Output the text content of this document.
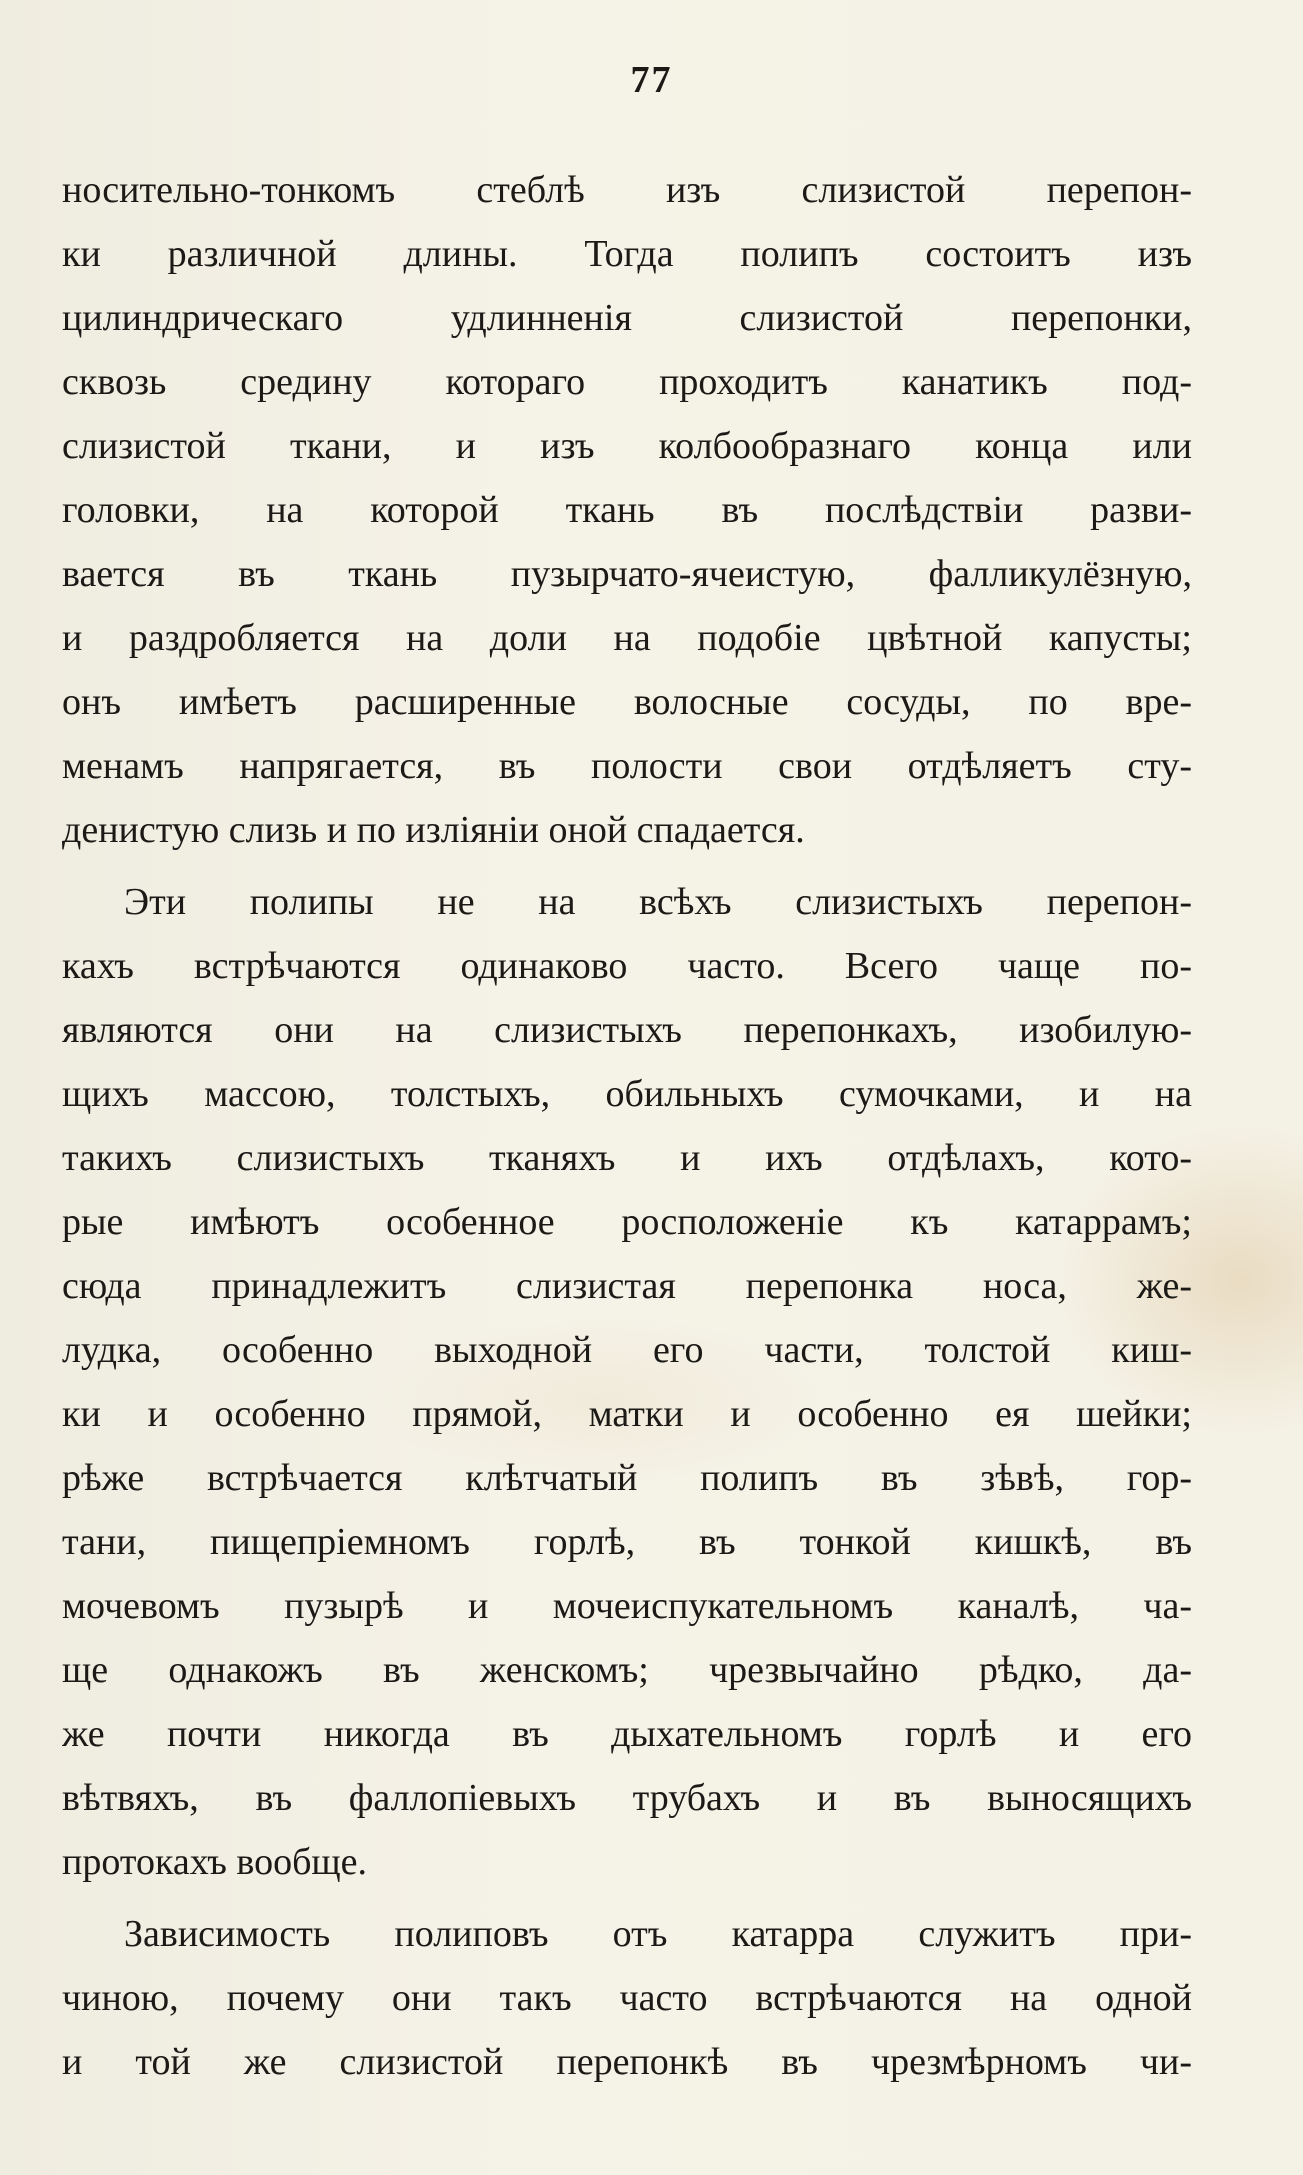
77
носительно-тонкомъ стеблѣ изъ слизистой перепон-
ки различной длины. Тогда полипъ состоитъ изъ
цилиндрическаго удлинненія слизистой перепонки,
сквозь средину котораго проходитъ канатикъ под-
слизистой ткани, и изъ колбообразнаго конца или
головки, на которой ткань въ послѣдствіи разви-
вается въ ткань пузырчато-ячеистую, фалликулёзную,
и раздробляется на доли на подобіе цвѣтной капусты;
онъ имѣетъ расширенные волосные сосуды, по вре-
менамъ напрягается, въ полости свои отдѣляетъ сту-
денистую слизь и по изліяніи оной спадается.
Эти полипы не на всѣхъ слизистыхъ перепон-
кахъ встрѣчаются одинаково часто. Всего чаще по-
являются они на слизистыхъ перепонкахъ, изобилую-
щихъ массою, толстыхъ, обильныхъ сумочками, и на
такихъ слизистыхъ тканяхъ и ихъ отдѣлахъ, кото-
рые имѣютъ особенное росположеніе къ катаррамъ;
сюда принадлежитъ слизистая перепонка носа, же-
лудка, особенно выходной его части, толстой киш-
ки и особенно прямой, матки и особенно ея шейки;
рѣже встрѣчается клѣтчатый полипъ въ зѣвѣ, гор-
тани, пищепріемномъ горлѣ, въ тонкой кишкѣ, въ
мочевомъ пузырѣ и мочеиспукательномъ каналѣ, ча-
ще однакожъ въ женскомъ; чрезвычайно рѣдко, да-
же почти никогда въ дыхательномъ горлѣ и его
вѣтвяхъ, въ фаллопіевыхъ трубахъ и въ выносящихъ
протокахъ вообще.
Зависимость полиповъ отъ катарра служитъ при-
чиною, почему они такъ часто встрѣчаются на одной
и той же слизистой перепонкѣ въ чрезмѣрномъ чи-
